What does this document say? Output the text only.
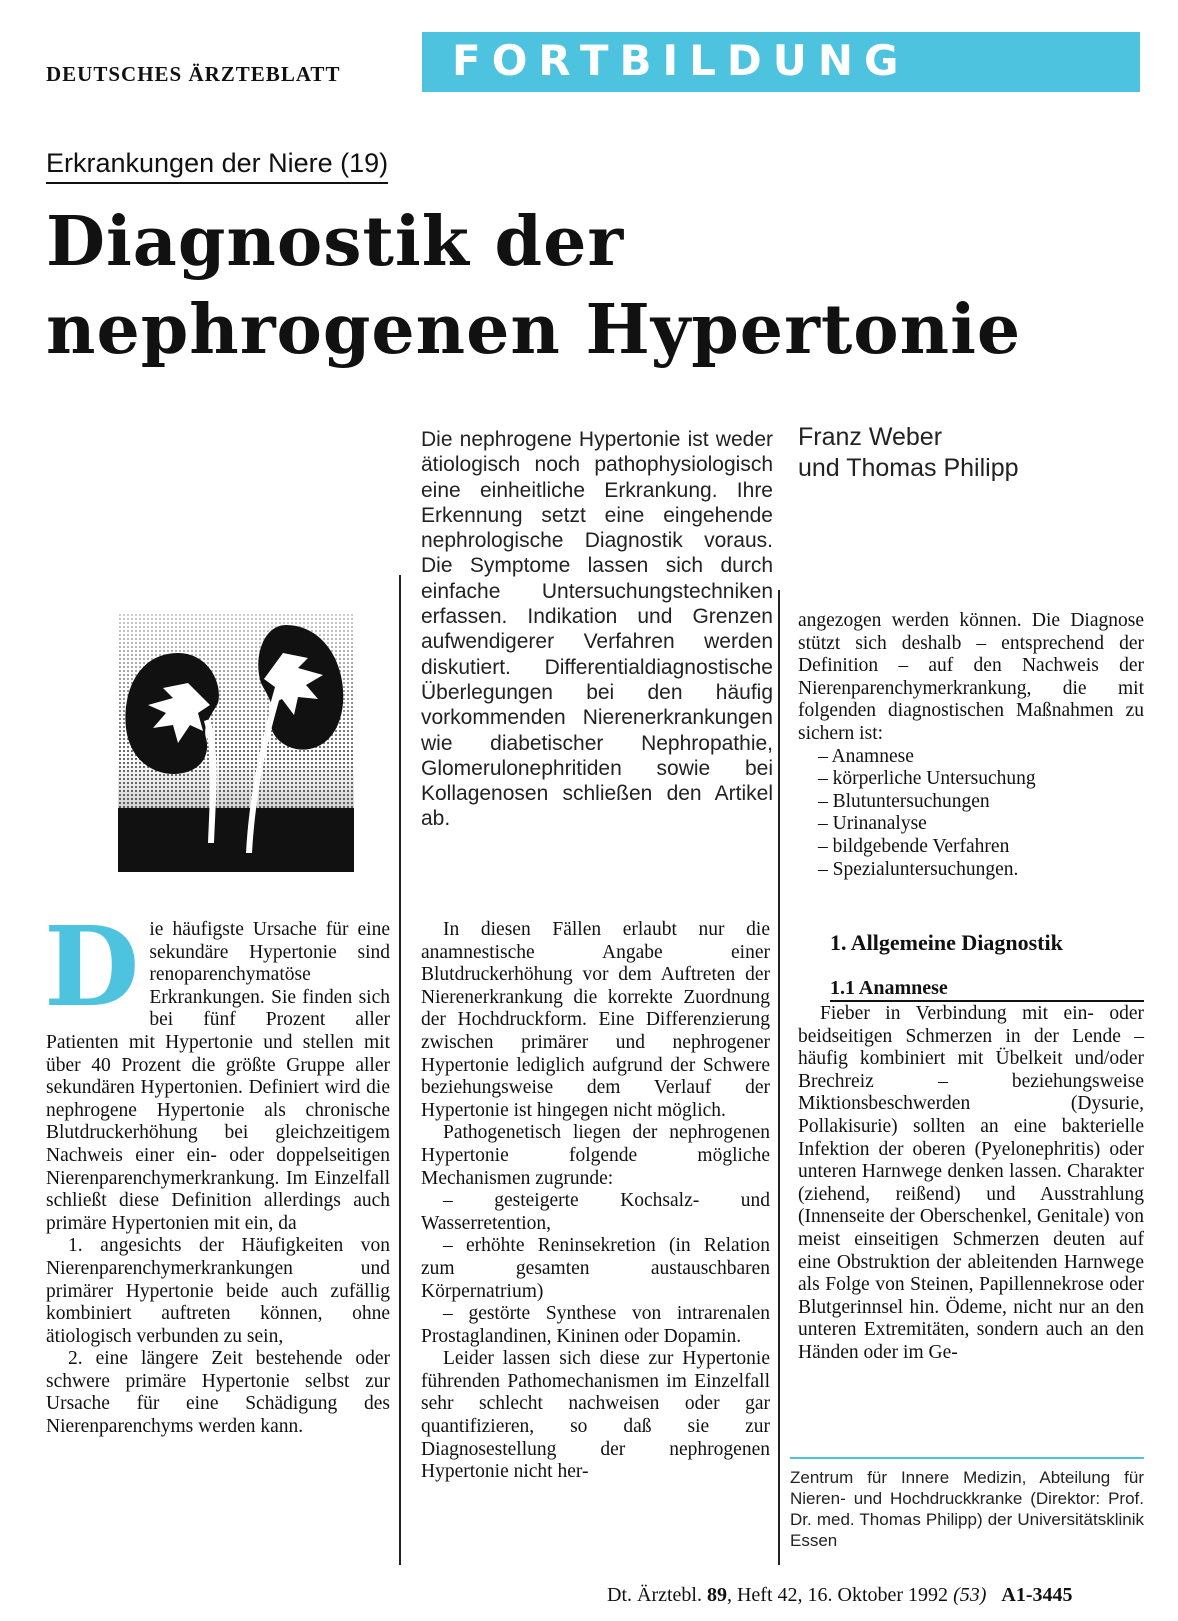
DEUTSCHES ÄRZTEBLATT	FORTBILDUNG
Erkrankungen der Niere (19)
Diagnostik der
nephrogenen Hypertonie
Die nephrogene Hypertonie ist weder ätiologisch noch pathophysiologisch eine einheitliche Erkrankung. Ihre Erkennung setzt eine eingehende nephrologische Diagnostik voraus. Die Symptome lassen sich durch einfache Untersuchungstechniken erfassen. Indikation und Grenzen aufwendigerer Verfahren werden diskutiert. Differentialdiagnostische Überlegungen bei den häufig vorkommenden Nierenerkrankungen wie diabetischer Nephropathie, Glomerulonephritiden sowie bei Kollagenosen schließen den Artikel ab.
Franz Weber
und Thomas Philipp

D ie häufigste Ursache für eine sekundäre Hypertonie sind renoparenchymatöse Erkrankungen. Sie finden sich bei fünf Prozent aller Patienten mit Hypertonie und stellen mit über 40 Prozent die größte Gruppe aller sekundären Hypertonien. Definiert wird die nephrogene Hypertonie als chronische Blutdruckerhöhung bei gleichzeitigem Nachweis einer ein- oder doppelseitigen Nierenparenchymerkrankung. Im Einzelfall schließt diese Definition allerdings auch primäre Hypertonien mit ein, da

1. angesichts der Häufigkeiten von Nierenparenchymerkrankungen und primärer Hypertonie beide auch zufällig kombiniert auftreten können, ohne ätiologisch verbunden zu sein,

2. eine längere Zeit bestehende oder schwere primäre Hypertonie selbst zur Ursache für eine Schädigung des Nierenparenchyms werden kann.

In diesen Fällen erlaubt nur die anamnestische Angabe einer Blutdruckerhöhung vor dem Auftreten der Nierenerkrankung die korrekte Zuordnung der Hochdruckform. Eine Differenzierung zwischen primärer und nephrogener Hypertonie lediglich aufgrund der Schwere beziehungsweise dem Verlauf der Hypertonie ist hingegen nicht möglich.

Pathogenetisch liegen der nephrogenen Hypertonie folgende mögliche Mechanismen zugrunde:

– gesteigerte Kochsalz- und Wasserretention,

– erhöhte Reninsekretion (in Relation zum gesamten austauschbaren Körpernatrium)

– gestörte Synthese von intrarenalen Prostaglandinen, Kininen oder Dopamin.

Leider lassen sich diese zur Hypertonie führenden Pathomechanismen im Einzelfall sehr schlecht nachweisen oder gar quantifizieren, so daß sie zur Diagnosestellung der nephrogenen Hypertonie nicht her-

angezogen werden können. Die Diagnose stützt sich deshalb – entsprechend der Definition – auf den Nachweis der Nierenparenchymerkrankung, die mit folgenden diagnostischen Maßnahmen zu sichern ist:

– Anamnese
– körperliche Untersuchung
– Blutuntersuchungen
– Urinanalyse
– bildgebende Verfahren
– Spezialuntersuchungen.
1. Allgemeine Diagnostik
1.1 Anamnese

Fieber in Verbindung mit ein- oder beidseitigen Schmerzen in der Lende – häufig kombiniert mit Übelkeit und/oder Brechreiz – beziehungsweise Miktionsbeschwerden (Dysurie, Pollakisurie) sollten an eine bakterielle Infektion der oberen (Pyelonephritis) oder unteren Harnwege denken lassen. Charakter (ziehend, reißend) und Ausstrahlung (Innenseite der Oberschenkel, Genitale) von meist einseitigen Schmerzen deuten auf eine Obstruktion der ableitenden Harnwege als Folge von Steinen, Papillennekrose oder Blutgerinnsel hin. Ödeme, nicht nur an den unteren Extremitäten, sondern auch an den Händen oder im Ge-

Zentrum für Innere Medizin, Abteilung für Nieren- und Hochdruckkranke (Direktor: Prof. Dr. med. Thomas Philipp) der Universitätsklinik Essen
Dt. Ärztebl. 89, Heft 42, 16. Oktober 1992 (53) A1-3445
